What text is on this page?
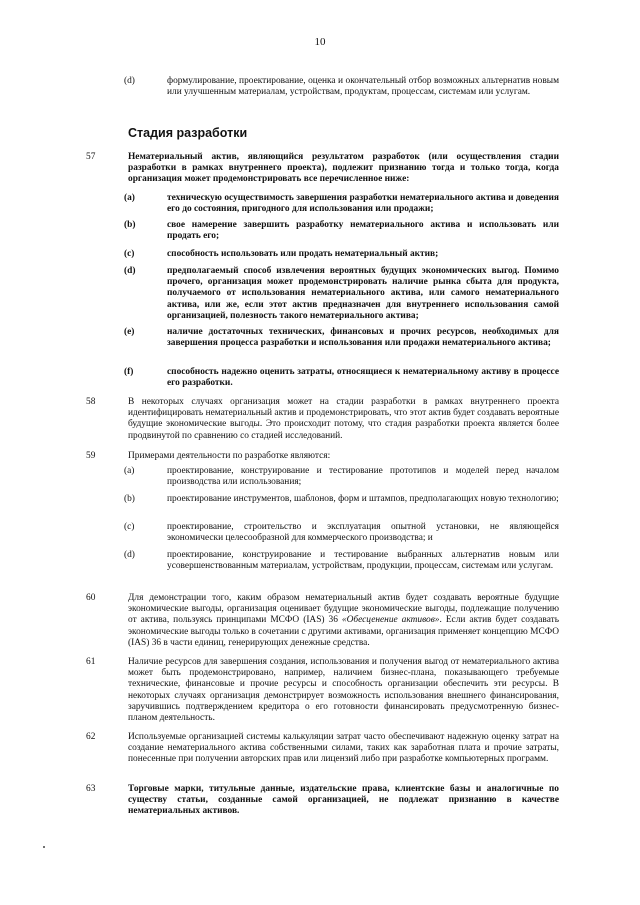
10
Стадия разработки
(d)	формулирование, проектирование, оценка и окончательный отбор возможных альтернатив новым или улучшенным материалам, устройствам, продуктам, процессам, системам или услугам.
57	Нематериальный актив, являющийся результатом разработок (или осуществления стадии разработки в рамках внутреннего проекта), подлежит признанию тогда и только тогда, когда организация может продемонстрировать все перечисленное ниже:
(a)	техническую осуществимость завершения разработки нематериального актива и доведения его до состояния, пригодного для использования или продажи;
(b)	свое намерение завершить разработку нематериального актива и использовать или продать его;
(c)	способность использовать или продать нематериальный актив;
(d)	предполагаемый способ извлечения вероятных будущих экономических выгод. Помимо прочего, организация может продемонстрировать наличие рынка сбыта для продукта, получаемого от использования нематериального актива, или самого нематериального актива, или же, если этот актив предназначен для внутреннего использования самой организацией, полезность такого нематериального актива;
(e)	наличие достаточных технических, финансовых и прочих ресурсов, необходимых для завершения процесса разработки и использования или продажи нематериального актива;
(f)	способность надежно оценить затраты, относящиеся к нематериальному активу в процессе его разработки.
58	В некоторых случаях организация может на стадии разработки в рамках внутреннего проекта идентифицировать нематериальный актив и продемонстрировать, что этот актив будет создавать вероятные будущие экономические выгоды. Это происходит потому, что стадия разработки проекта является более продвинутой по сравнению со стадией исследований.
59	Примерами деятельности по разработке являются:
(a)	проектирование, конструирование и тестирование прототипов и моделей перед началом производства или использования;
(b)	проектирование инструментов, шаблонов, форм и штампов, предполагающих новую технологию;
(c)	проектирование, строительство и эксплуатация опытной установки, не являющейся экономически целесообразной для коммерческого производства; и
(d)	проектирование, конструирование и тестирование выбранных альтернатив новым или усовершенствованным материалам, устройствам, продукции, процессам, системам или услугам.
60	Для демонстрации того, каким образом нематериальный актив будет создавать вероятные будущие экономические выгоды, организация оценивает будущие экономические выгоды, подлежащие получению от актива, пользуясь принципами МСФО (IAS) 36 «Обесценение активов». Если актив будет создавать экономические выгоды только в сочетании с другими активами, организация применяет концепцию МСФО (IAS) 36 в части единиц, генерирующих денежные средства.
61	Наличие ресурсов для завершения создания, использования и получения выгод от нематериального актива может быть продемонстрировано, например, наличием бизнес-плана, показывающего требуемые технические, финансовые и прочие ресурсы и способность организации обеспечить эти ресурсы. В некоторых случаях организация демонстрирует возможность использования внешнего финансирования, заручившись подтверждением кредитора о его готовности финансировать предусмотренную бизнес-планом деятельность.
62	Используемые организацией системы калькуляции затрат часто обеспечивают надежную оценку затрат на создание нематериального актива собственными силами, таких как заработная плата и прочие затраты, понесенные при получении авторских прав или лицензий либо при разработке компьютерных программ.
63	Торговые марки, титульные данные, издательские права, клиентские базы и аналогичные по существу статьи, созданные самой организацией, не подлежат признанию в качестве нематериальных активов.
